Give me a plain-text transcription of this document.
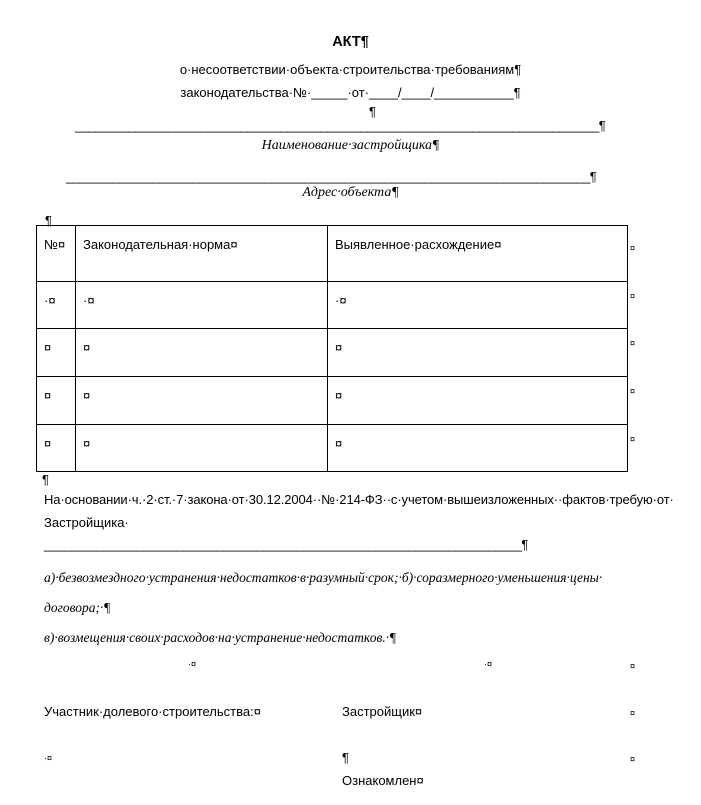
АКТ¶
о·несоответствии·объекта·строительства·требованиям¶
законодательства·№·_____·от·____/____/___________¶
¶
_______________________________________________________________________________¶
Наименование·застройщика¶
_______________________________________________________________________________¶
Адрес·объекта¶
¶
№¤	Законодательная·норма¤	Выявленное·расхождение¤
·¤	·¤	·¤
¤	¤	¤
¤	¤	¤
¤	¤	¤
¤
¤
¤
¤
¤
¶
На·основании·ч.·2·ст.·7·закона·от·30.12.2004··№·214-ФЗ··с·учетом·вышеизложенных··фактов·требую·от·
Застройщика·
________________________________________________________________________¶
а)·безвозмездного·устранения·недостатков·в·разумный·срок;·б)·соразмерного·уменьшения·цены·
договора;·¶
в)·возмещения·своих·расходов·на·устранение·недостатков.·¶
·¤	·¤	¤
Участник·долевого·строительства:¤	Застройщик¤	¤
·¤	¶	¤
Ознакомлен¤
